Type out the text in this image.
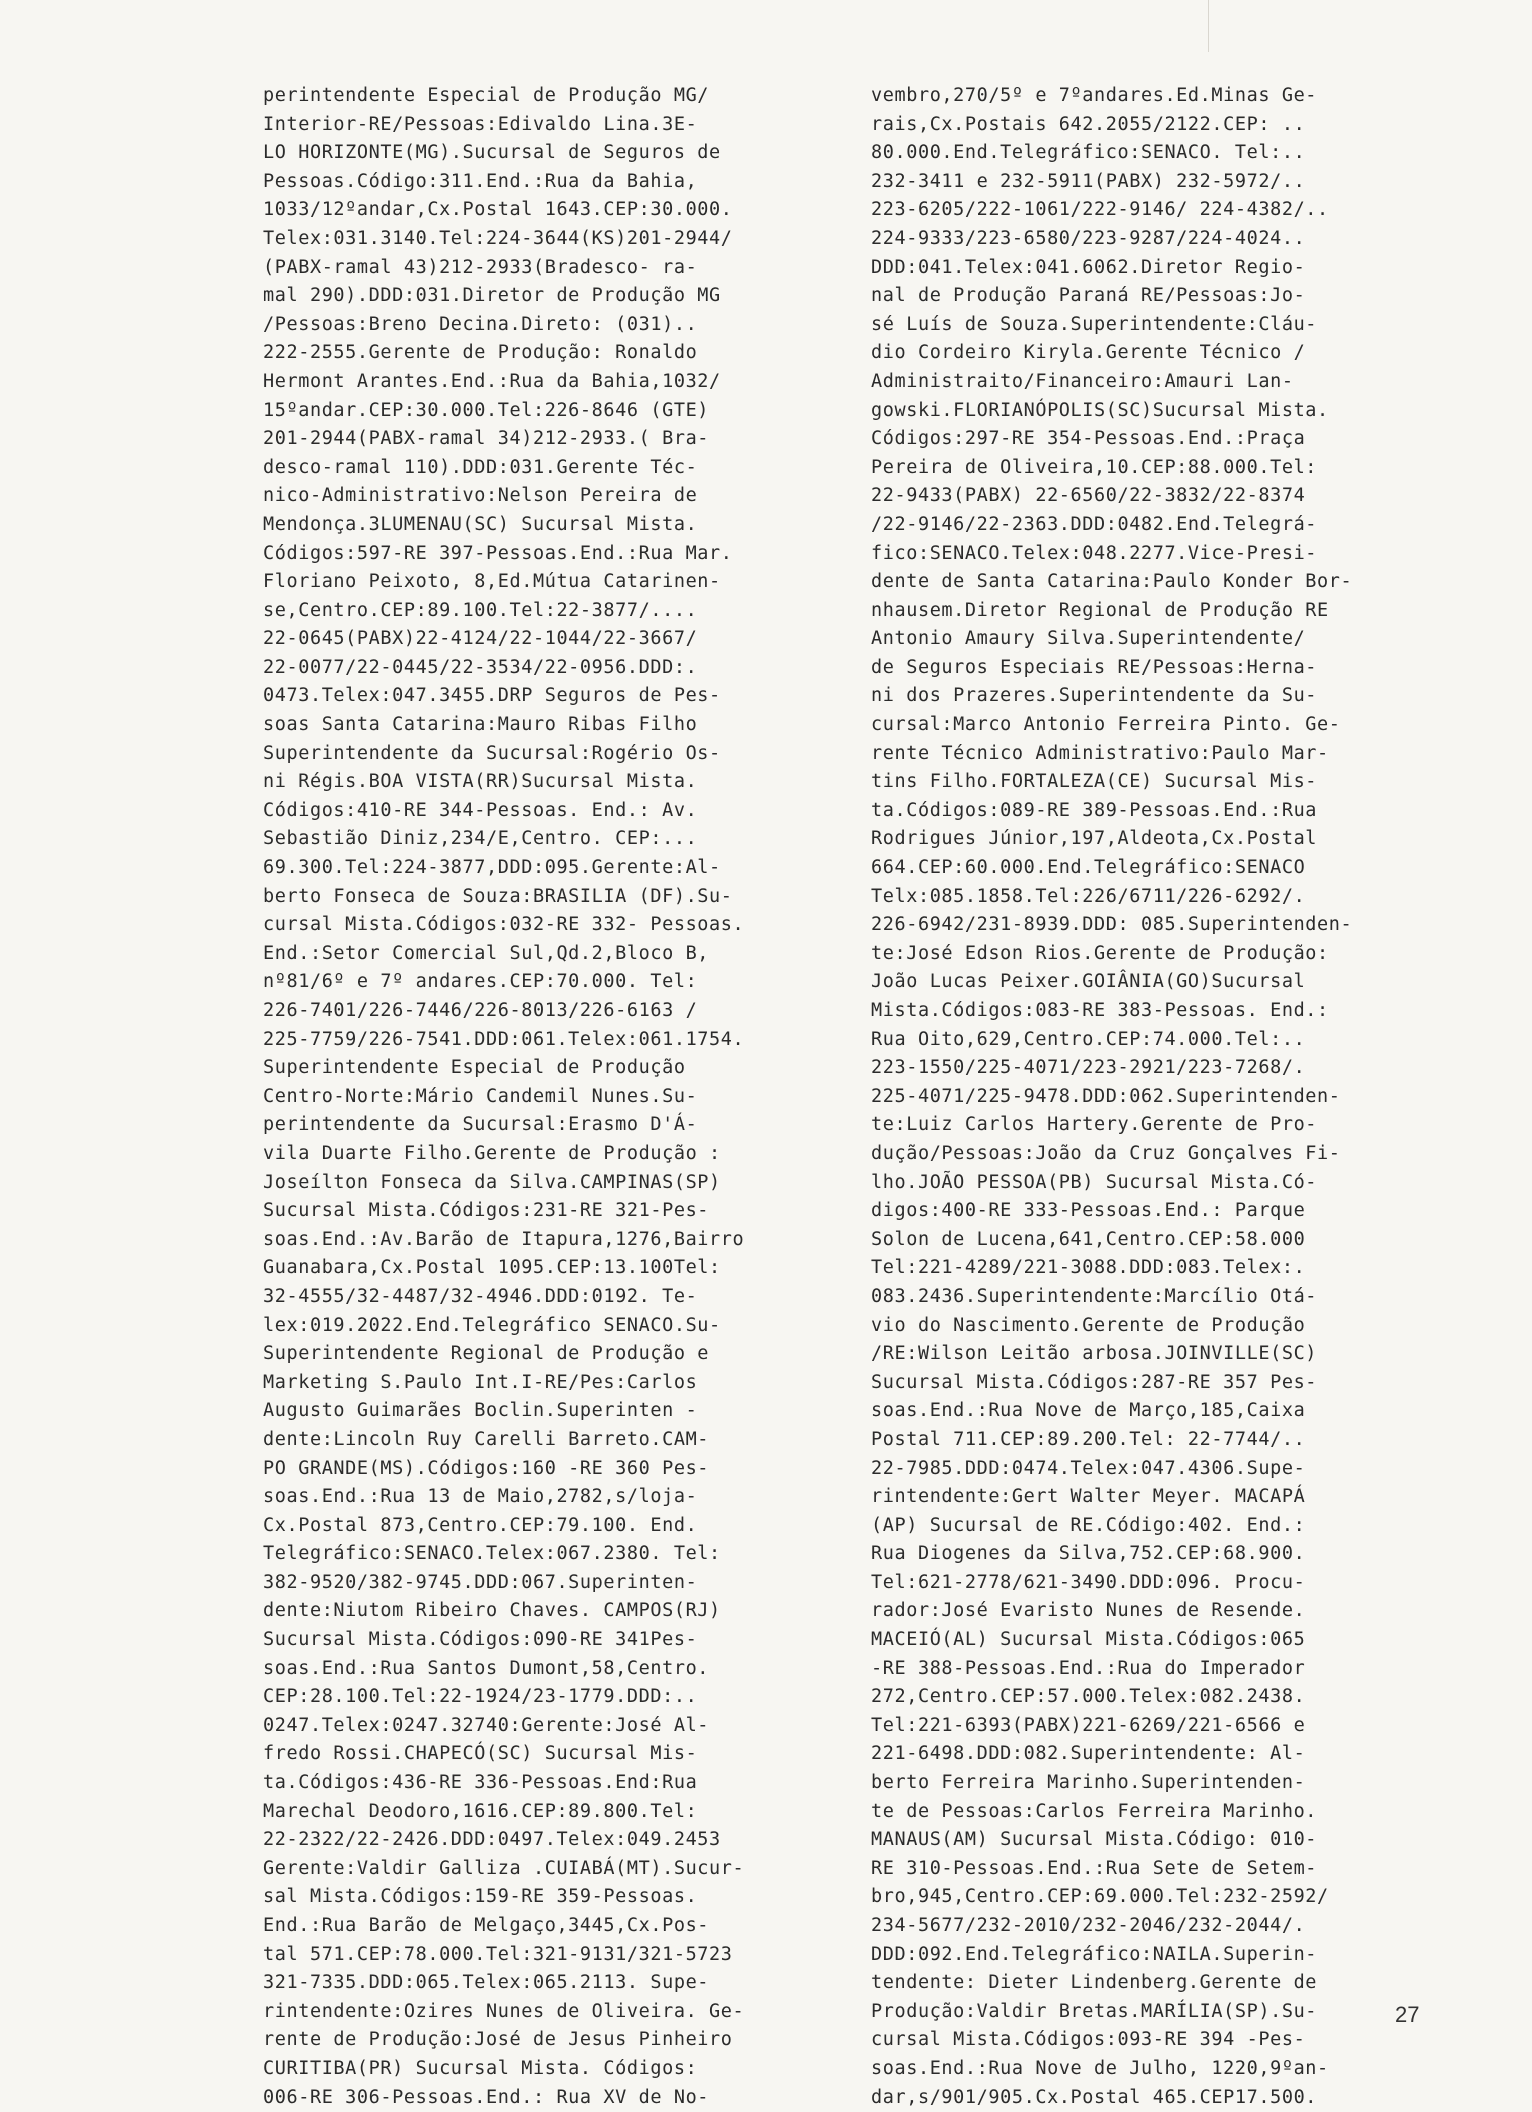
perintendente Especial de Produção MG/
Interior-RE/Pessoas:Edivaldo Lina.3E-
LO HORIZONTE(MG).Sucursal de Seguros de
Pessoas.Código:311.End.:Rua da Bahia,
1033/12ºandar,Cx.Postal 1643.CEP:30.000.
Telex:031.3140.Tel:224-3644(KS)201-2944/
(PABX-ramal 43)212-2933(Bradesco- ra-
mal 290).DDD:031.Diretor de Produção MG
/Pessoas:Breno Decina.Direto: (031)..
222-2555.Gerente de Produção: Ronaldo
Hermont Arantes.End.:Rua da Bahia,1032/
15ºandar.CEP:30.000.Tel:226-8646 (GTE)
201-2944(PABX-ramal 34)212-2933.( Bra-
desco-ramal 110).DDD:031.Gerente Téc-
nico-Administrativo:Nelson Pereira de
Mendonça.3LUMENAU(SC) Sucursal Mista.
Códigos:597-RE 397-Pessoas.End.:Rua Mar.
Floriano Peixoto, 8,Ed.Mútua Catarinen-
se,Centro.CEP:89.100.Tel:22-3877/....
22-0645(PABX)22-4124/22-1044/22-3667/
22-0077/22-0445/22-3534/22-0956.DDD:.
0473.Telex:047.3455.DRP Seguros de Pes-
soas Santa Catarina:Mauro Ribas Filho
Superintendente da Sucursal:Rogério Os-
ni Régis.BOA VISTA(RR)Sucursal Mista.
Códigos:410-RE 344-Pessoas. End.: Av.
Sebastião Diniz,234/E,Centro. CEP:...
69.300.Tel:224-3877,DDD:095.Gerente:Al-
berto Fonseca de Souza:BRASILIA (DF).Su-
cursal Mista.Códigos:032-RE 332- Pessoas.
End.:Setor Comercial Sul,Qd.2,Bloco B,
nº81/6º e 7º andares.CEP:70.000. Tel:
226-7401/226-7446/226-8013/226-6163 /
225-7759/226-7541.DDD:061.Telex:061.1754.
Superintendente Especial de Produção
Centro-Norte:Mário Candemil Nunes.Su-
perintendente da Sucursal:Erasmo D'Á-
vila Duarte Filho.Gerente de Produção :
Joseílton Fonseca da Silva.CAMPINAS(SP)
Sucursal Mista.Códigos:231-RE 321-Pes-
soas.End.:Av.Barão de Itapura,1276,Bairro
Guanabara,Cx.Postal 1095.CEP:13.100Tel:
32-4555/32-4487/32-4946.DDD:0192. Te-
lex:019.2022.End.Telegráfico SENACO.Su-
Superintendente Regional de Produção e
Marketing S.Paulo Int.I-RE/Pes:Carlos
Augusto Guimarães Boclin.Superinten -
dente:Lincoln Ruy Carelli Barreto.CAM-
PO GRANDE(MS).Códigos:160 -RE 360 Pes-
soas.End.:Rua 13 de Maio,2782,s/loja-
Cx.Postal 873,Centro.CEP:79.100. End.
Telegráfico:SENACO.Telex:067.2380. Tel:
382-9520/382-9745.DDD:067.Superinten-
dente:Niutom Ribeiro Chaves. CAMPOS(RJ)
Sucursal Mista.Códigos:090-RE 341Pes-
soas.End.:Rua Santos Dumont,58,Centro.
CEP:28.100.Tel:22-1924/23-1779.DDD:..
0247.Telex:0247.32740:Gerente:José Al-
fredo Rossi.CHAPECÓ(SC) Sucursal Mis-
ta.Códigos:436-RE 336-Pessoas.End:Rua
Marechal Deodoro,1616.CEP:89.800.Tel:
22-2322/22-2426.DDD:0497.Telex:049.2453
Gerente:Valdir Galliza .CUIABÁ(MT).Sucur-
sal Mista.Códigos:159-RE 359-Pessoas.
End.:Rua Barão de Melgaço,3445,Cx.Pos-
tal 571.CEP:78.000.Tel:321-9131/321-5723
321-7335.DDD:065.Telex:065.2113. Supe-
rintendente:Ozires Nunes de Oliveira. Ge-
rente de Produção:José de Jesus Pinheiro
CURITIBA(PR) Sucursal Mista. Códigos:
006-RE 306-Pessoas.End.: Rua XV de No-
vembro,270/5º e 7ºandares.Ed.Minas Ge-
rais,Cx.Postais 642.2055/2122.CEP: ..
80.000.End.Telegráfico:SENACO. Tel:..
232-3411 e 232-5911(PABX) 232-5972/..
223-6205/222-1061/222-9146/ 224-4382/..
224-9333/223-6580/223-9287/224-4024..
DDD:041.Telex:041.6062.Diretor Regio-
nal de Produção Paraná RE/Pessoas:Jo-
sé Luís de Souza.Superintendente:Cláu-
dio Cordeiro Kiryla.Gerente Técnico /
Administraito/Financeiro:Amauri Lan-
gowski.FLORIANÓPOLIS(SC)Sucursal Mista.
Códigos:297-RE 354-Pessoas.End.:Praça
Pereira de Oliveira,10.CEP:88.000.Tel:
22-9433(PABX) 22-6560/22-3832/22-8374
/22-9146/22-2363.DDD:0482.End.Telegrá-
fico:SENACO.Telex:048.2277.Vice-Presi-
dente de Santa Catarina:Paulo Konder Bor-
nhausem.Diretor Regional de Produção RE
Antonio Amaury Silva.Superintendente/
de Seguros Especiais RE/Pessoas:Herna-
ni dos Prazeres.Superintendente da Su-
cursal:Marco Antonio Ferreira Pinto. Ge-
rente Técnico Administrativo:Paulo Mar-
tins Filho.FORTALEZA(CE) Sucursal Mis-
ta.Códigos:089-RE 389-Pessoas.End.:Rua
Rodrigues Júnior,197,Aldeota,Cx.Postal
664.CEP:60.000.End.Telegráfico:SENACO
Telx:085.1858.Tel:226/6711/226-6292/.
226-6942/231-8939.DDD: 085.Superintenden-
te:José Edson Rios.Gerente de Produção:
João Lucas Peixer.GOIÂNIA(GO)Sucursal
Mista.Códigos:083-RE 383-Pessoas. End.:
Rua Oito,629,Centro.CEP:74.000.Tel:..
223-1550/225-4071/223-2921/223-7268/.
225-4071/225-9478.DDD:062.Superintenden-
te:Luiz Carlos Hartery.Gerente de Pro-
dução/Pessoas:João da Cruz Gonçalves Fi-
lho.JOÃO PESSOA(PB) Sucursal Mista.Có-
digos:400-RE 333-Pessoas.End.: Parque
Solon de Lucena,641,Centro.CEP:58.000
Tel:221-4289/221-3088.DDD:083.Telex:.
083.2436.Superintendente:Marcílio Otá-
vio do Nascimento.Gerente de Produção
/RE:Wilson Leitão arbosa.JOINVILLE(SC)
Sucursal Mista.Códigos:287-RE 357 Pes-
soas.End.:Rua Nove de Março,185,Caixa
Postal 711.CEP:89.200.Tel: 22-7744/..
22-7985.DDD:0474.Telex:047.4306.Supe-
rintendente:Gert Walter Meyer. MACAPÁ
(AP) Sucursal de RE.Código:402. End.:
Rua Diogenes da Silva,752.CEP:68.900.
Tel:621-2778/621-3490.DDD:096. Procu-
rador:José Evaristo Nunes de Resende.
MACEIÓ(AL) Sucursal Mista.Códigos:065
-RE 388-Pessoas.End.:Rua do Imperador
272,Centro.CEP:57.000.Telex:082.2438.
Tel:221-6393(PABX)221-6269/221-6566 e
221-6498.DDD:082.Superintendente: Al-
berto Ferreira Marinho.Superintenden-
te de Pessoas:Carlos Ferreira Marinho.
MANAUS(AM) Sucursal Mista.Código: 010-
RE 310-Pessoas.End.:Rua Sete de Setem-
bro,945,Centro.CEP:69.000.Tel:232-2592/
234-5677/232-2010/232-2046/232-2044/.
DDD:092.End.Telegráfico:NAILA.Superin-
tendente: Dieter Lindenberg.Gerente de
Produção:Valdir Bretas.MARÍLIA(SP).Su-
cursal Mista.Códigos:093-RE 394 -Pes-
soas.End.:Rua Nove de Julho, 1220,9ºan-
dar,s/901/905.Cx.Postal 465.CEP17.500.
27
